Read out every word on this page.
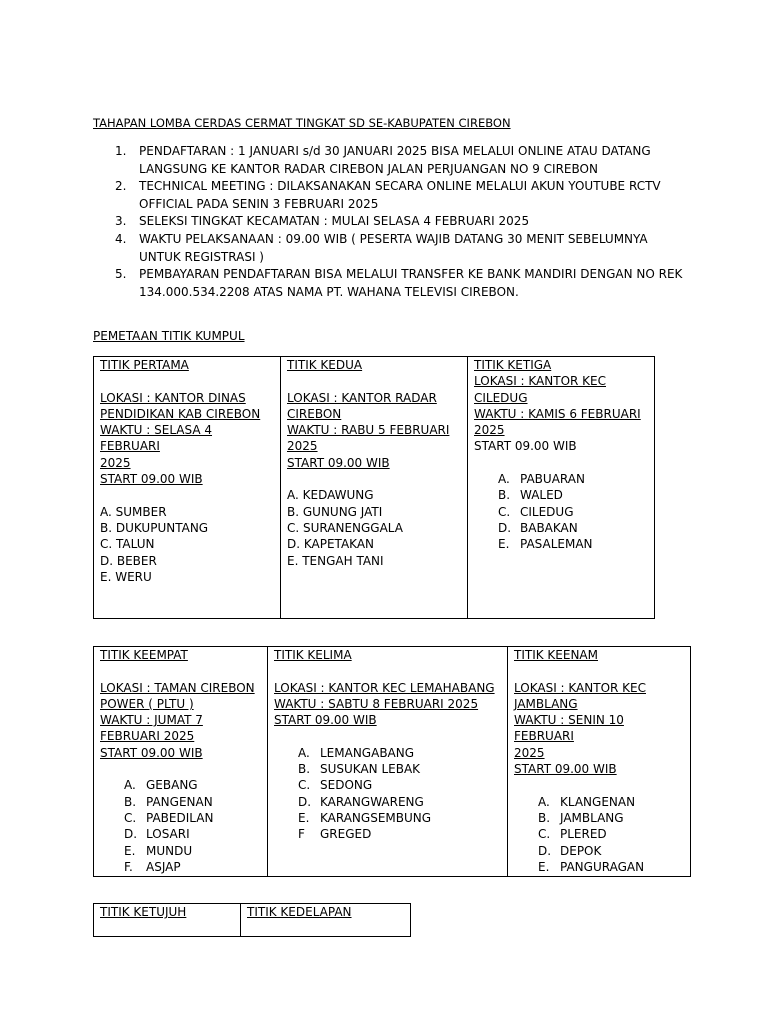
TAHAPAN LOMBA CERDAS CERMAT TINGKAT SD SE-KABUPATEN CIREBON
1. PENDAFTARAN : 1 JANUARI s/d 30 JANUARI 2025 BISA MELALUI ONLINE ATAU DATANG
LANGSUNG KE KANTOR RADAR CIREBON JALAN PERJUANGAN NO 9 CIREBON
2. TECHNICAL MEETING : DILAKSANAKAN SECARA ONLINE MELALUI AKUN YOUTUBE RCTV
OFFICIAL PADA SENIN 3 FEBRUARI 2025
3. SELEKSI TINGKAT KECAMATAN : MULAI SELASA 4 FEBRUARI 2025
4. WAKTU PELAKSANAAN : 09.00 WIB ( PESERTA WAJIB DATANG 30 MENIT SEBELUMNYA
UNTUK REGISTRASI )
5. PEMBAYARAN PENDAFTARAN BISA MELALUI TRANSFER KE BANK MANDIRI DENGAN NO REK
134.000.534.2208 ATAS NAMA PT. WAHANA TELEVISI CIREBON.
PEMETAAN TITIK KUMPUL
TITIK PERTAMA
LOKASI : KANTOR DINAS
PENDIDIKAN KAB CIREBON
WAKTU : SELASA 4 FEBRUARI
2025
START 09.00 WIB
A. SUMBER
B. DUKUPUNTANG
C. TALUN
D. BEBER
E. WERU

TITIK KEDUA
LOKASI : KANTOR RADAR
CIREBON
WAKTU : RABU 5 FEBRUARI
2025
START 09.00 WIB
A. KEDAWUNG
B. GUNUNG JATI
C. SURANENGGALA
D. KAPETAKAN
E. TENGAH TANI

TITIK KETIGA
LOKASI : KANTOR KEC
CILEDUG
WAKTU : KAMIS 6 FEBRUARI
2025
START 09.00 WIB
A. PABUARAN
B. WALED
C. CILEDUG
D. BABAKAN
E. PASALEMAN
TITIK KEEMPAT
LOKASI : TAMAN CIREBON
POWER ( PLTU )
WAKTU : JUMAT 7
FEBRUARI 2025
START 09.00 WIB
A. GEBANG
B. PANGENAN
C. PABEDILAN
D. LOSARI
E. MUNDU
F. ASJAP

TITIK KELIMA
LOKASI : KANTOR KEC LEMAHABANG
WAKTU : SABTU 8 FEBRUARI 2025
START 09.00 WIB
A. LEMANGABANG
B. SUSUKAN LEBAK
C. SEDONG
D. KARANGWARENG
E. KARANGSEMBUNG
F GREGED

TITIK KEENAM
LOKASI : KANTOR KEC
JAMBLANG
WAKTU : SENIN 10 FEBRUARI
2025
START 09.00 WIB
A. KLANGENAN
B. JAMBLANG
C. PLERED
D. DEPOK
E. PANGURAGAN
TITIK KETUJUH	TITIK KEDELAPAN
